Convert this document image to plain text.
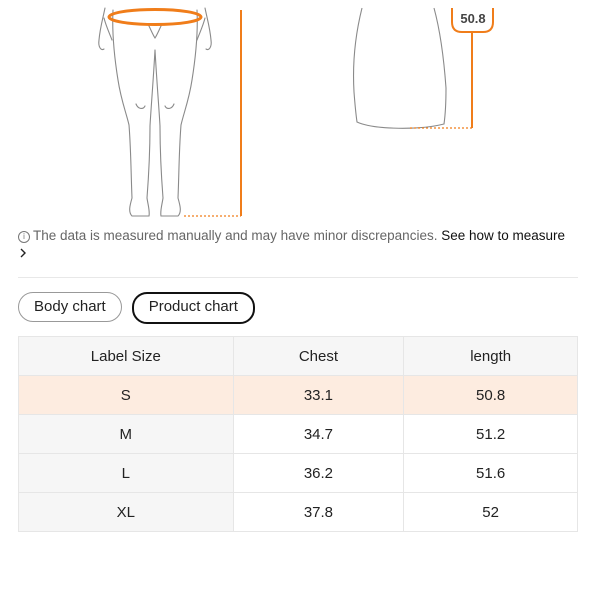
50.8
i The data is measured manually and may have minor discrepancies. See how to measure
Body chart	Product chart
Label Size	Chest	length
S	33.1	50.8
M	34.7	51.2
L	36.2	51.6
XL	37.8	52
